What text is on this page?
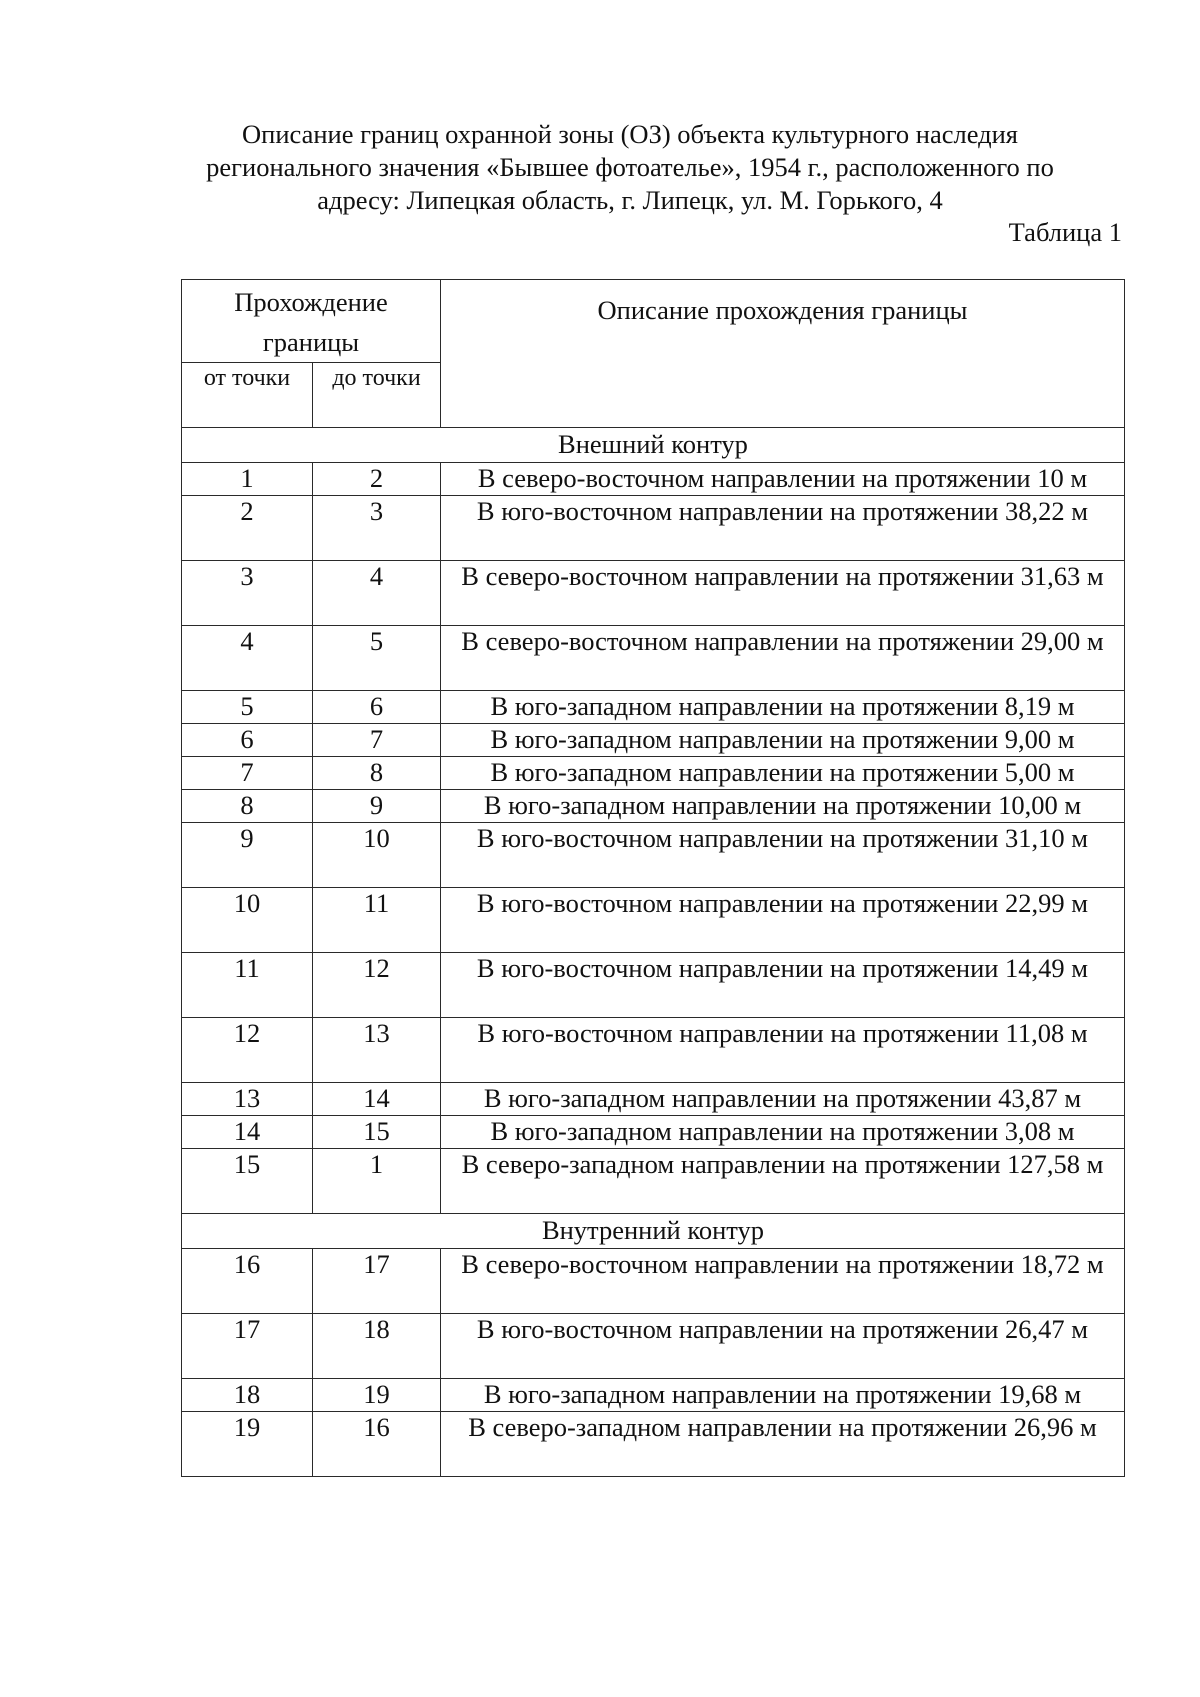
Описание границ охранной зоны (ОЗ) объекта культурного наследия
регионального значения «Бывшее фотоателье», 1954 г., расположенного по
адресу: Липецкая область, г. Липецк, ул. М. Горького, 4
Таблица 1
Прохождение границы		Описание прохождения границы
от точки	до точки	
Внешний контур		
1	2	В северо-восточном направлении на протяжении 10 м
2	3	В юго-восточном направлении на протяжении 38,22 м
3	4	В северо-восточном направлении на протяжении 31,63 м
4	5	В северо-восточном направлении на протяжении 29,00 м
5	6	В юго-западном направлении на протяжении 8,19 м
6	7	В юго-западном направлении на протяжении 9,00 м
7	8	В юго-западном направлении на протяжении 5,00 м
8	9	В юго-западном направлении на протяжении 10,00 м
9	10	В юго-восточном направлении на протяжении 31,10 м
10	11	В юго-восточном направлении на протяжении 22,99 м
11	12	В юго-восточном направлении на протяжении 14,49 м
12	13	В юго-восточном направлении на протяжении 11,08 м
13	14	В юго-западном направлении на протяжении 43,87 м
14	15	В юго-западном направлении на протяжении 3,08 м
15	1	В северо-западном направлении на протяжении 127,58 м
Внутренний контур		
16	17	В северо-восточном направлении на протяжении 18,72 м
17	18	В юго-восточном направлении на протяжении 26,47 м
18	19	В юго-западном направлении на протяжении 19,68 м
19	16	В северо-западном направлении на протяжении 26,96 м
